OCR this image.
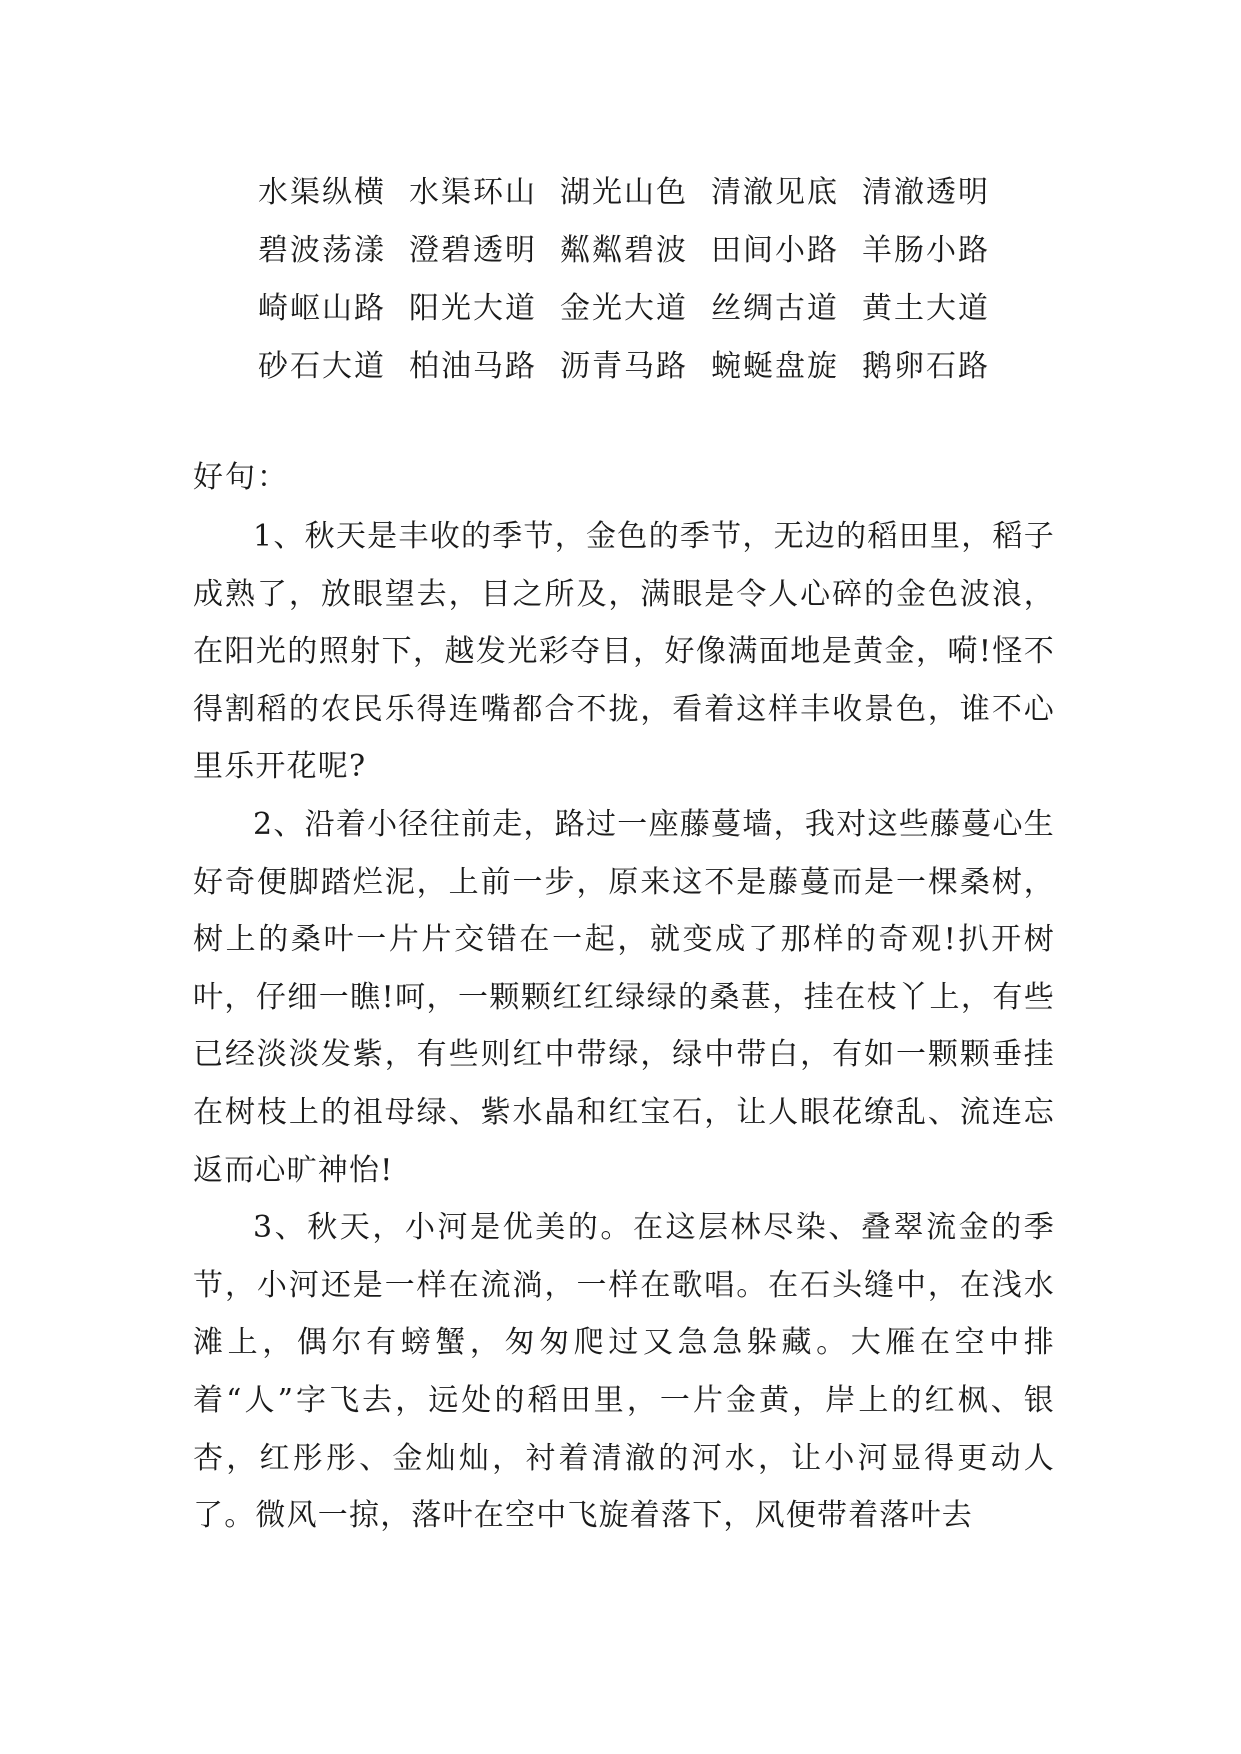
水渠纵横 水渠环山 湖光山色 清澈见底 清澈透明
碧波荡漾 澄碧透明 粼粼碧波 田间小路 羊肠小路
崎岖山路 阳光大道 金光大道 丝绸古道 黄土大道
砂石大道 柏油马路 沥青马路 蜿蜒盘旋 鹅卵石路
好句：

1、秋天是丰收的季节，金色的季节，无边的稻田里，稻子成熟了，放眼望去，目之所及，满眼是令人心碎的金色波浪，在阳光的照射下，越发光彩夺目，好像满面地是黄金，嗬!怪不得割稻的农民乐得连嘴都合不拢，看着这样丰收景色，谁不心里乐开花呢?

2、沿着小径往前走，路过一座藤蔓墙，我对这些藤蔓心生好奇便脚踏烂泥，上前一步，原来这不是藤蔓而是一棵桑树，树上的桑叶一片片交错在一起，就变成了那样的奇观!扒开树叶，仔细一瞧!呵，一颗颗红红绿绿的桑葚，挂在枝丫上，有些已经淡淡发紫，有些则红中带绿，绿中带白，有如一颗颗垂挂在树枝上的祖母绿、紫水晶和红宝石，让人眼花缭乱、流连忘返而心旷神怡!

3、秋天，小河是优美的。在这层林尽染、叠翠流金的季节，小河还是一样在流淌，一样在歌唱。在石头缝中，在浅水滩上，偶尔有螃蟹，匆匆爬过又急急躲藏。大雁在空中排着“人”字飞去，远处的稻田里，一片金黄，岸上的红枫、银杏，红彤彤、金灿灿，衬着清澈的河水，让小河显得更动人了。微风一掠，落叶在空中飞旋着落下，风便带着落叶去
